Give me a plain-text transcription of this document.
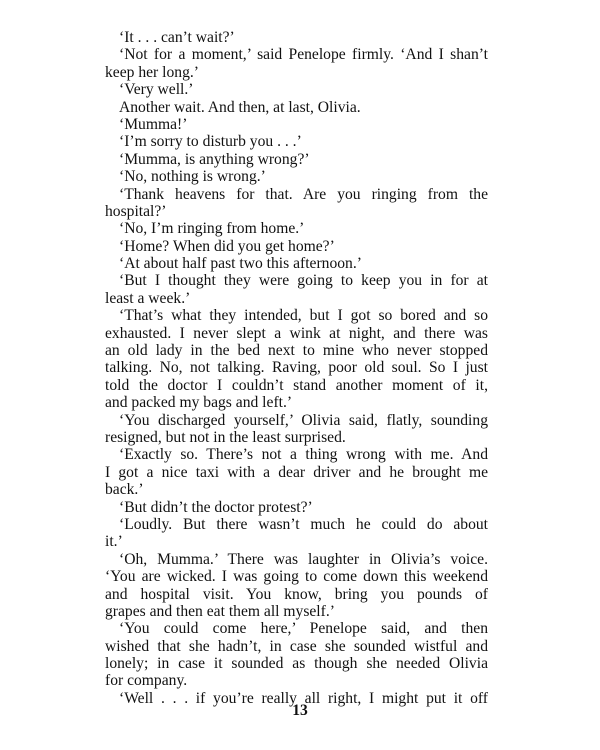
‘It . . . can’t wait?’
‘Not for a moment,’ said Penelope firmly. ‘And I shan’t
keep her long.’
‘Very well.’
Another wait. And then, at last, Olivia.
‘Mumma!’
‘I’m sorry to disturb you . . .’
‘Mumma, is anything wrong?’
‘No, nothing is wrong.’
‘Thank heavens for that. Are you ringing from the
hospital?’
‘No, I’m ringing from home.’
‘Home? When did you get home?’
‘At about half past two this afternoon.’
‘But I thought they were going to keep you in for at
least a week.’
‘That’s what they intended, but I got so bored and so
exhausted. I never slept a wink at night, and there was
an old lady in the bed next to mine who never stopped
talking. No, not talking. Raving, poor old soul. So I just
told the doctor I couldn’t stand another moment of it,
and packed my bags and left.’
‘You discharged yourself,’ Olivia said, flatly, sounding
resigned, but not in the least surprised.
‘Exactly so. There’s not a thing wrong with me. And
I got a nice taxi with a dear driver and he brought me
back.’
‘But didn’t the doctor protest?’
‘Loudly. But there wasn’t much he could do about
it.’
‘Oh, Mumma.’ There was laughter in Olivia’s voice.
‘You are wicked. I was going to come down this weekend
and hospital visit. You know, bring you pounds of
grapes and then eat them all myself.’
‘You could come here,’ Penelope said, and then
wished that she hadn’t, in case she sounded wistful and
lonely; in case it sounded as though she needed Olivia
for company.
‘Well . . . if you’re really all right, I might put it off
13
